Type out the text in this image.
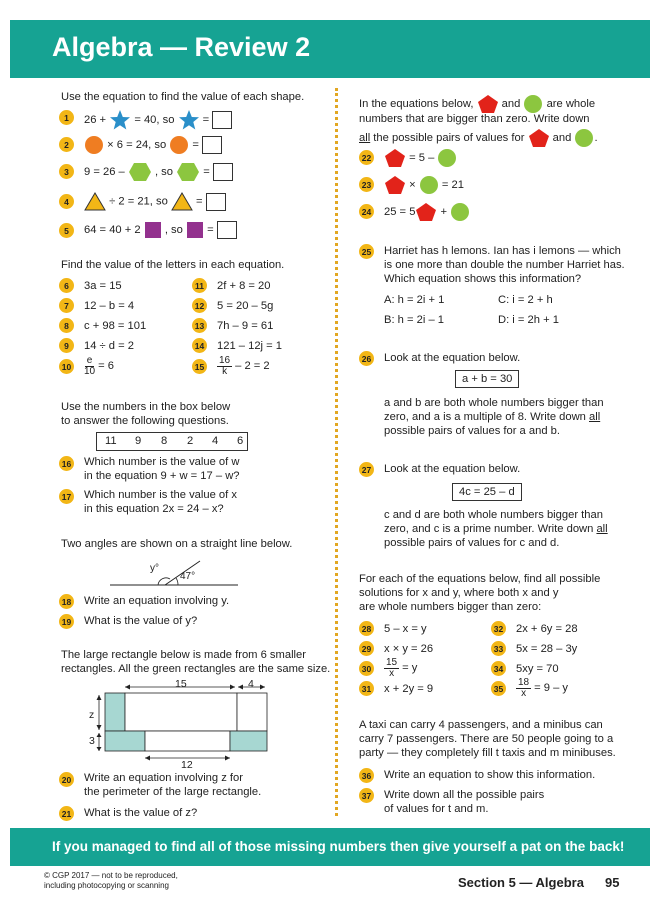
Algebra — Review 2
Use the equation to find the value of each shape.
1	26 +	= 40, so	=
2	× 6 = 24, so =
3	9 = 26 –	, so	=
4	÷ 2 = 21, so	=
5	64 = 40 + 2 , so =
Find the value of the letters in each equation.
6	3a = 15
7	12 – b = 4
8	c + 98 = 101
9	14 ÷ d = 2
$10 \frac{e}{10} = 6$
11 2f + 8 = 20
12 5 = 20 – 5g
13 7h – 9 = 61
14 121 – 12j = 1
$15 \frac{16}{k} - 2 = 2$
Use the numbers in the box below
to answer the following questions.
11 9 8 2 4 6
16 Which number is the value of w
in the equation 9 + w = 17 – w?
17 Which number is the value of x
in this equation 2x = 24 – x?
Two angles are shown on a straight line below.
y°
47°
18 Write an equation involving y.
19 What is the value of y?
The large rectangle below is made from 6 smaller
rectangles. All the green rectangles are the same size.
15	4
z
3
12
20 Write an equation involving z for
the perimeter of the large rectangle.
21 What is the value of z?
In the equations below,	and are whole
numbers that are bigger than zero. Write down
all the possible pairs of values for	and .
22	= 5 –
23	× = 21
24 25 = 5 +
25 Harriet has h lemons. Ian has i lemons — which
is one more than double the number Harriet has.
Which equation shows this information?
A: h = 2i + 1	C: i = 2 + h
B: h = 2i – 1	D: i = 2h + 1
26 Look at the equation below.
a + b = 30
a and b are both whole numbers bigger than
zero, and a is a multiple of 8. Write down all
possible pairs of values for a and b.
27 Look at the equation below.
4c = 25 – d
c and d are both whole numbers bigger than
zero, and c is a prime number. Write down all
possible pairs of values for c and d.
For each of the equations below, find all possible
solutions for x and y, where both x and y
are whole numbers bigger than zero:
28 5 – x = y
29 x × y = 26
$30 \frac{15}{x} = y$
31 x + 2y = 9
32 2x + 6y = 28
33 5x = 28 – 3y
34 5xy = 70
$35 \frac{18}{x} = 9 - y$
A taxi can carry 4 passengers, and a minibus can
carry 7 passengers. There are 50 people going to a
party — they completely fill t taxis and m minibuses.
36 Write an equation to show this information.
37 Write down all the possible pairs
of values for t and m.
If you managed to find all of those missing numbers then give yourself a pat on the back!
© CGP 2017 — not to be reproduced,
including photocopying or scanning	Section 5 — Algebra 95
